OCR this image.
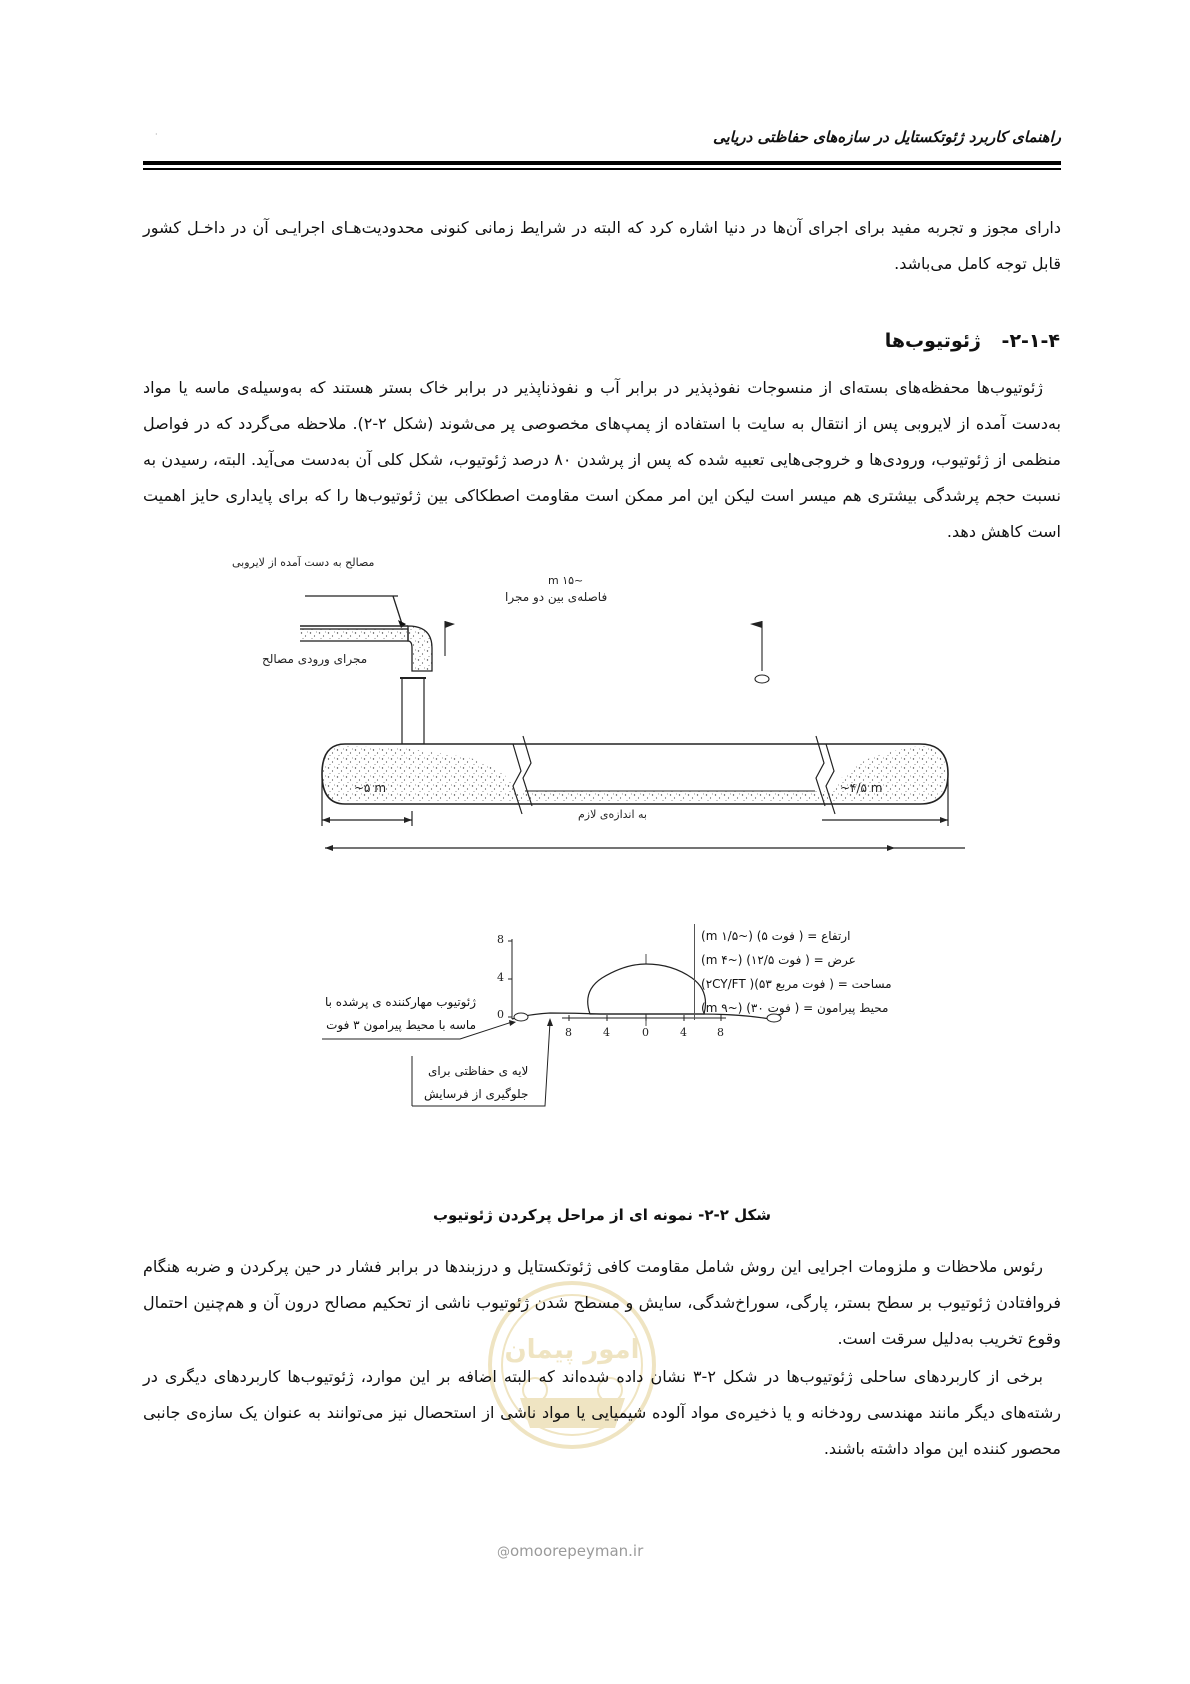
·	راهنمای کاربرد ژئوتکستایل در سازه‌های حفاظتی دریایی
دارای مجوز و تجربه مفید برای اجرای آن‌ها در دنیا اشاره کرد که البته در شرایط زمانی کنونی محدودیت‌هـای اجرایـی آن در داخـل کشور قابل توجه کامل می‌باشد.
۲-۱-۴- ژئوتیوب‌ها
ژئوتیوب‌ها محفظه‌های بسته‌ای از منسوجات نفوذپذیر در برابر آب و نفوذناپذیر در برابر خاک بستر هستند که به‌وسیله‌ی ماسه یا مواد به‌دست آمده از لایروبی پس از انتقال به سایت با استفاده از پمپ‌های مخصوصی پر می‌شوند (شکل ۲-۲). ملاحظه می‌گردد که در فواصل منظمی از ژئوتیوب، ورودی‌ها و خروجی‌هایی تعبیه شده که پس از پرشدن ۸۰ درصد ژئوتیوب، شکل کلی آن به‌دست می‌آید. البته، رسیدن به نسبت حجم پرشدگی بیشتری هم میسر است لیکن این امر ممکن است مقاومت اصطکاکی بین ژئوتیوب‌ها را که برای پایداری حایز اهمیت است کاهش دهد.
مصالح به دست آمده از لایروبی
~۱۵ m
فاصله‌ی بین دو مجرا
مجرای ورودی مصالح
~۵ m	~۴/۵ m
به اندازه‌ی لازم
ارتفاع = ( فوت ۵) (~۱/۵ m)
عرض = ( فوت ۱۲/۵) (~۴ m)
مساحت = ( فوت مربع ۵۳)( ۲CY/FT)
محیط پیرامون = ( فوت ۳۰) (~۹ m)
8
4
0
8	4	0	4	8
ژئوتیوب مهارکننده ی پرشده با
ماسه با محیط پیرامون ۳ فوت
لایه ی حفاظتی برای
جلوگیری از فرسایش
شکل ۲-۲- نمونه ای از مراحل پرکردن ژئوتیوب
امور پیمان
رئوس ملاحظات و ملزومات اجرایی این روش شامل مقاومت کافی ژئوتکستایل و درزبندها در برابر فشار در حین پرکردن و ضربه هنگام فروافتادن ژئوتیوب بر سطح بستر، پارگی، سوراخ‌شدگی، سایش و مسطح شدن ژئوتیوب ناشی از تحکیم مصالح درون آن و هم‌چنین احتمال وقوع تخریب به‌دلیل سرقت است.
برخی از کاربردهای ساحلی ژئوتیوب‌ها در شکل ۲-۳ نشان داده شده‌اند که البته اضافه بر این موارد، ژئوتیوب‌ها کاربردهای دیگری در رشته‌های دیگر مانند مهندسی رودخانه و یا ذخیره‌ی مواد آلوده شیمیایی یا مواد ناشی از استحصال نیز می‌توانند به عنوان یک سازه‌ی جانبی محصور کننده این مواد داشته باشند.
@omoorepeyman.ir
